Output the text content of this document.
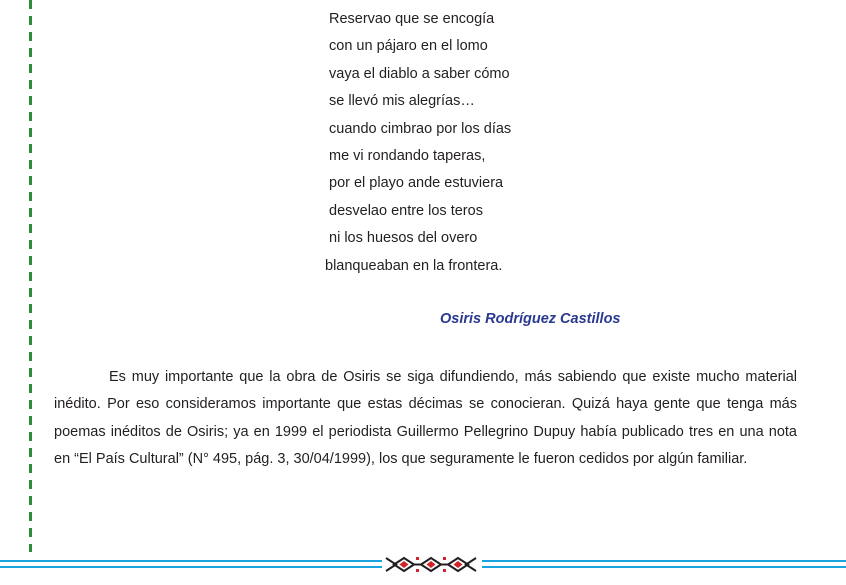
Reservao que se encogía
con un pájaro en el lomo
vaya el diablo a saber cómo
se llevó mis alegrías…
cuando cimbrao por los días
me vi rondando taperas,
por el playo ande estuviera
desvelao entre los teros
ni los huesos del overo
blanqueaban en la frontera.
Osiris Rodríguez Castillos

Es muy importante que la obra de Osiris se siga difundiendo, más sabiendo que existe mucho material inédito. Por eso consideramos importante que estas décimas se conocieran. Quizá haya gente que tenga más poemas inéditos de Osiris; ya en 1999 el periodista Guillermo Pellegrino Dupuy había publicado tres en una nota en “El País Cultural” (N° 495, pág. 3, 30/04/1999), los que seguramente le fueron cedidos por algún familiar.
